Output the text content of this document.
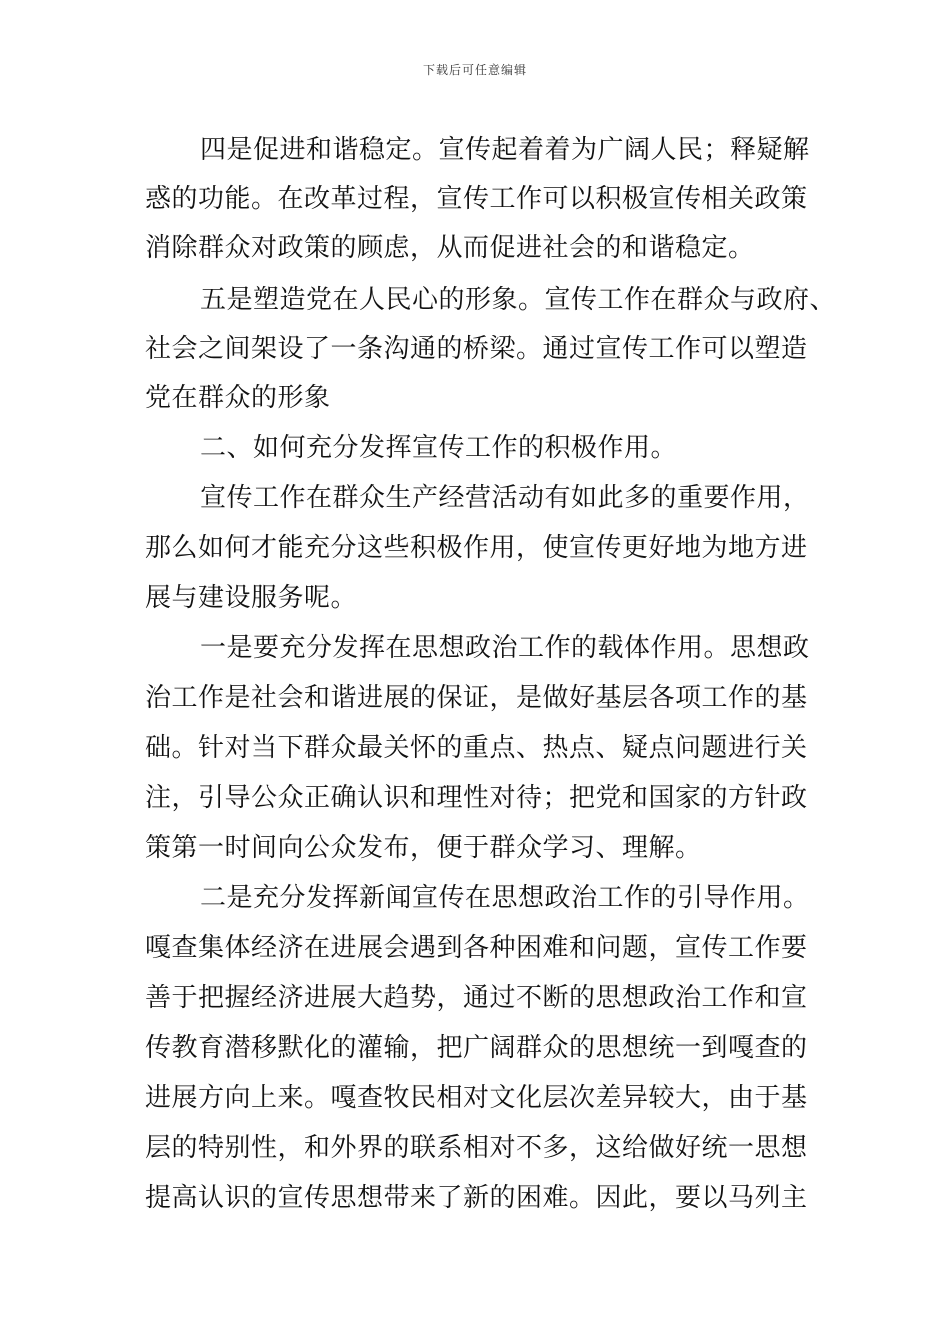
下载后可任意编辑
四是促进和谐稳定。宣传起着着为广阔人民；释疑解
惑的功能。在改革过程，宣传工作可以积极宣传相关政策
消除群众对政策的顾虑，从而促进社会的和谐稳定。
五是塑造党在人民心的形象。宣传工作在群众与政府、
社会之间架设了一条沟通的桥梁。通过宣传工作可以塑造
党在群众的形象
二、如何充分发挥宣传工作的积极作用。
宣传工作在群众生产经营活动有如此多的重要作用，
那么如何才能充分这些积极作用，使宣传更好地为地方进
展与建设服务呢。
一是要充分发挥在思想政治工作的载体作用。思想政
治工作是社会和谐进展的保证，是做好基层各项工作的基
础。针对当下群众最关怀的重点、热点、疑点问题进行关
注，引导公众正确认识和理性对待；把党和国家的方针政
策第一时间向公众发布，便于群众学习、理解。
二是充分发挥新闻宣传在思想政治工作的引导作用。
嘎查集体经济在进展会遇到各种困难和问题，宣传工作要
善于把握经济进展大趋势，通过不断的思想政治工作和宣
传教育潜移默化的灌输，把广阔群众的思想统一到嘎查的
进展方向上来。嘎查牧民相对文化层次差异较大，由于基
层的特别性，和外界的联系相对不多，这给做好统一思想
提高认识的宣传思想带来了新的困难。因此，要以马列主
